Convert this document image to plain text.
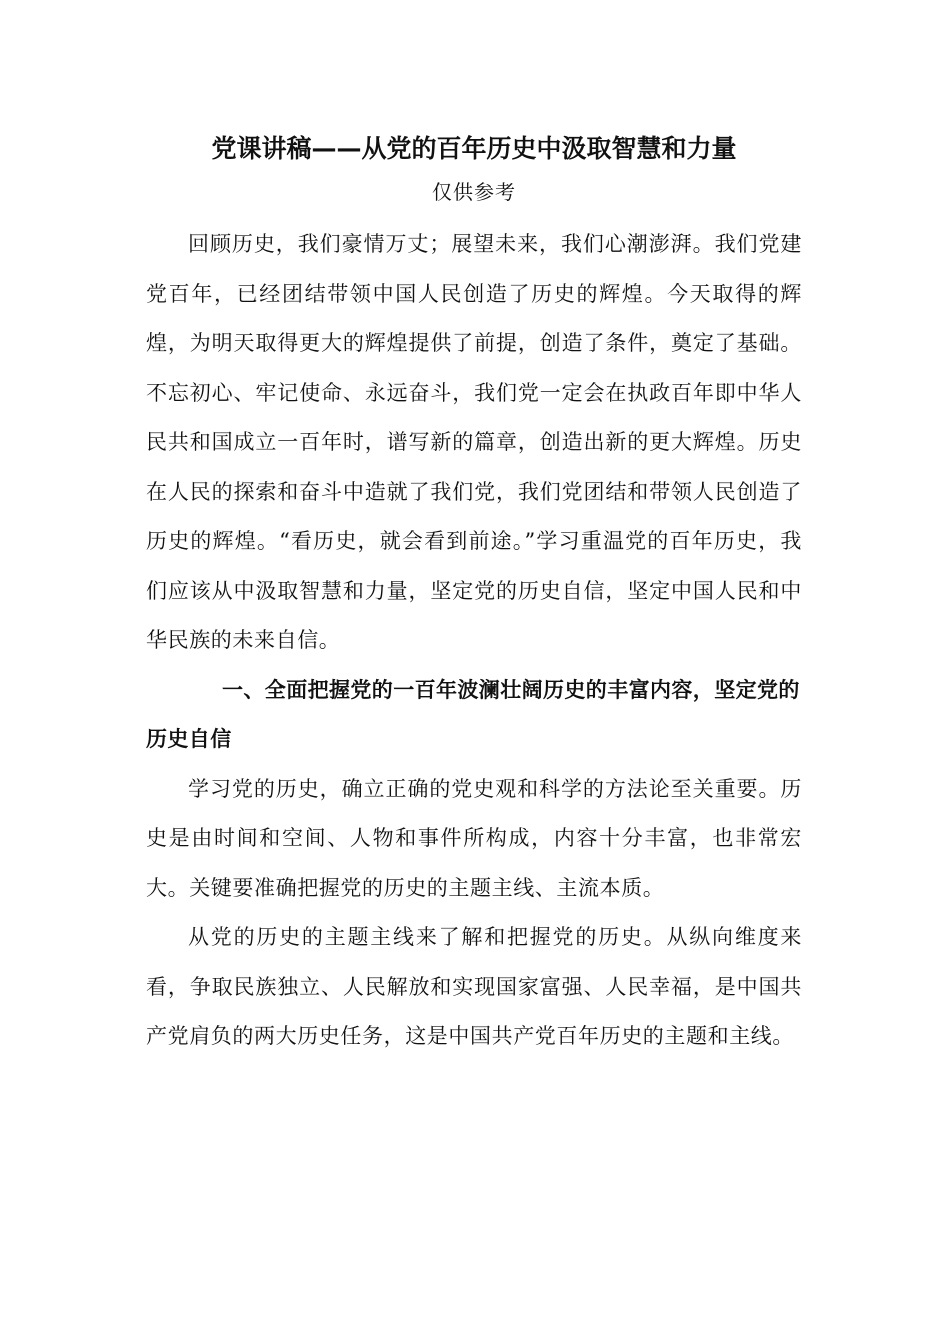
党课讲稿——从党的百年历史中汲取智慧和力量
仅供参考

回顾历史，我们豪情万丈；展望未来，我们心潮澎湃。我们党建党百年，已经团结带领中国人民创造了历史的辉煌。今天取得的辉煌，为明天取得更大的辉煌提供了前提，创造了条件，奠定了基础。不忘初心、牢记使命、永远奋斗，我们党一定会在执政百年即中华人民共和国成立一百年时，谱写新的篇章，创造出新的更大辉煌。历史在人民的探索和奋斗中造就了我们党，我们党团结和带领人民创造了历史的辉煌。“看历史，就会看到前途。”学习重温党的百年历史，我们应该从中汲取智慧和力量，坚定党的历史自信，坚定中国人民和中华民族的未来自信。

一、全面把握党的一百年波澜壮阔历史的丰富内容，坚定党的历史自信

学习党的历史，确立正确的党史观和科学的方法论至关重要。历史是由时间和空间、人物和事件所构成，内容十分丰富，也非常宏大。关键要准确把握党的历史的主题主线、主流本质。

从党的历史的主题主线来了解和把握党的历史。从纵向维度来看，争取民族独立、人民解放和实现国家富强、人民幸福，是中国共产党肩负的两大历史任务，这是中国共产党百年历史的主题和主线。
